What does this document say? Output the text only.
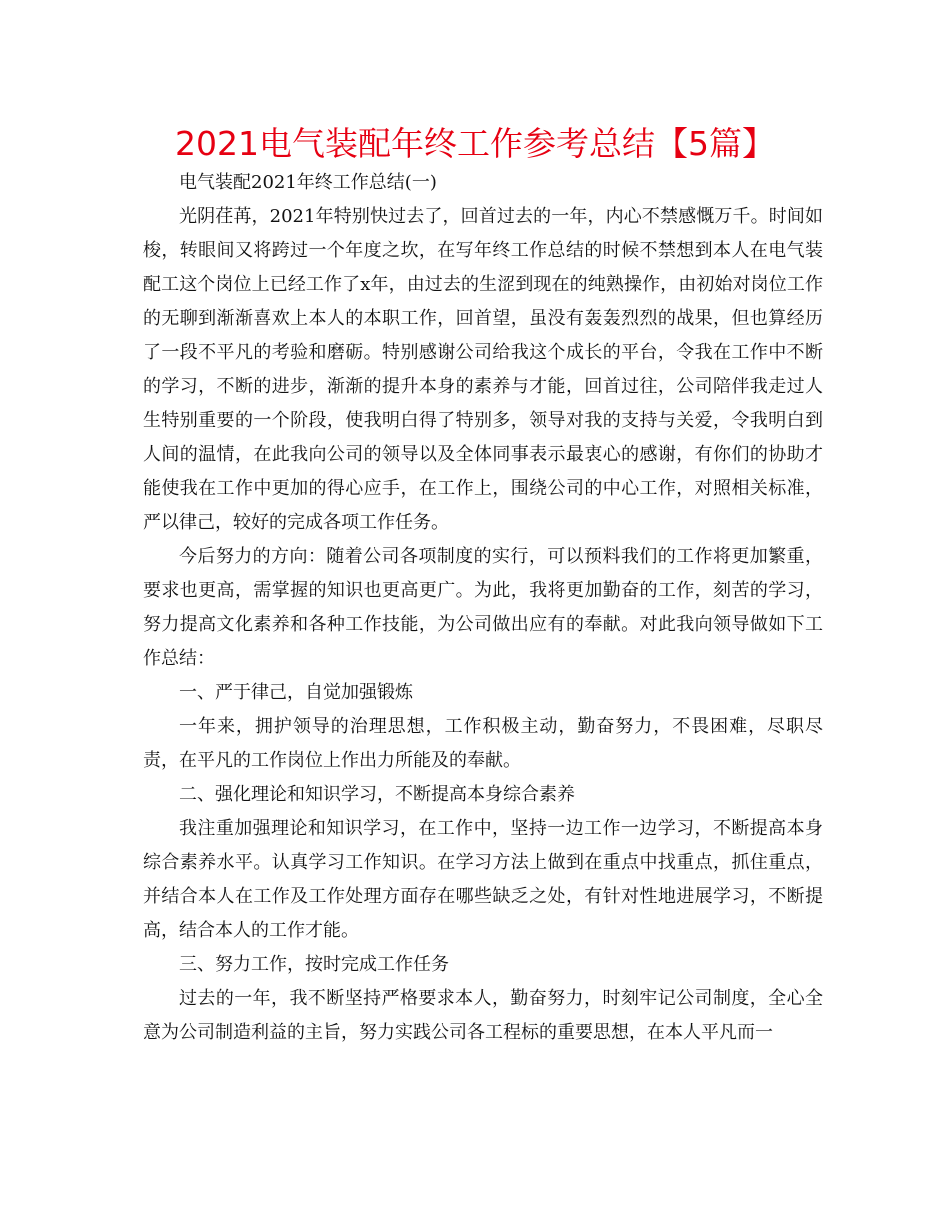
2021电气装配年终工作参考总结【5篇】

电气装配2021年终工作总结(一)

光阴荏苒，2021年特别快过去了，回首过去的一年，内心不禁感慨万千。时间如梭，转眼间又将跨过一个年度之坎，在写年终工作总结的时候不禁想到本人在电气装配工这个岗位上已经工作了x年，由过去的生涩到现在的纯熟操作，由初始对岗位工作的无聊到渐渐喜欢上本人的本职工作，回首望，虽没有轰轰烈烈的战果，但也算经历了一段不平凡的考验和磨砺。特别感谢公司给我这个成长的平台，令我在工作中不断的学习，不断的进步，渐渐的提升本身的素养与才能，回首过往，公司陪伴我走过人生特别重要的一个阶段，使我明白得了特别多，领导对我的支持与关爱，令我明白到人间的温情，在此我向公司的领导以及全体同事表示最衷心的感谢，有你们的协助才能使我在工作中更加的得心应手，在工作上，围绕公司的中心工作，对照相关标准，严以律己，较好的完成各项工作任务。

今后努力的方向：随着公司各项制度的实行，可以预料我们的工作将更加繁重，要求也更高，需掌握的知识也更高更广。为此，我将更加勤奋的工作，刻苦的学习，努力提高文化素养和各种工作技能，为公司做出应有的奉献。对此我向领导做如下工作总结：

一、严于律己，自觉加强锻炼

一年来，拥护领导的治理思想，工作积极主动，勤奋努力，不畏困难，尽职尽责，在平凡的工作岗位上作出力所能及的奉献。

二、强化理论和知识学习，不断提高本身综合素养

我注重加强理论和知识学习，在工作中，坚持一边工作一边学习，不断提高本身综合素养水平。认真学习工作知识。在学习方法上做到在重点中找重点，抓住重点，并结合本人在工作及工作处理方面存在哪些缺乏之处，有针对性地进展学习，不断提高，结合本人的工作才能。

三、努力工作，按时完成工作任务

过去的一年，我不断坚持严格要求本人，勤奋努力，时刻牢记公司制度，全心全意为公司制造利益的主旨，努力实践公司各工程标的重要思想，在本人平凡而一
